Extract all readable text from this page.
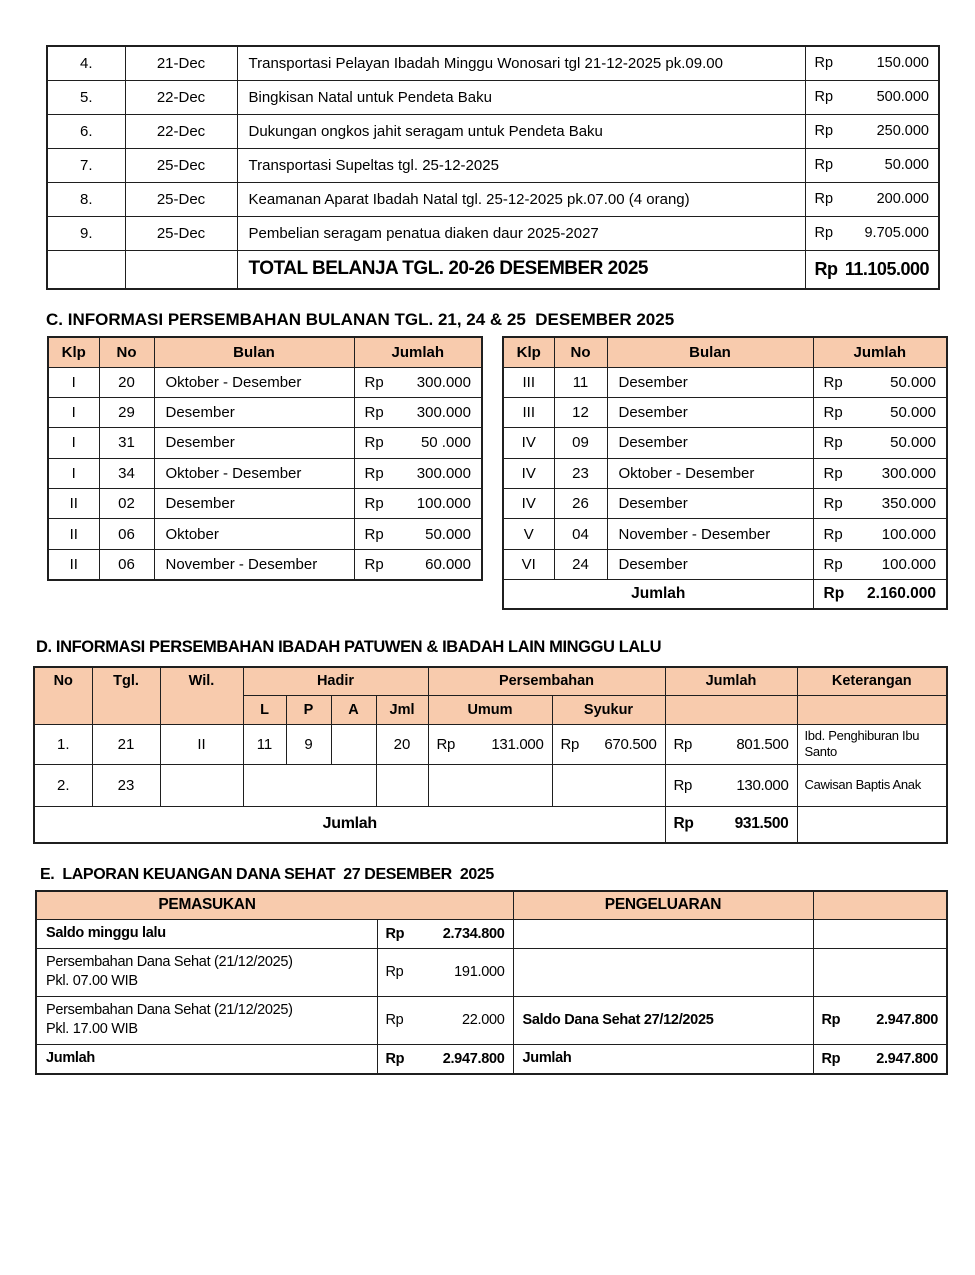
4.	21-Dec	Transportasi Pelayan Ibadah Minggu Wonosari tgl 21-12-2025 pk.09.00	Rp 150.000

5.	22-Dec	Bingkisan Natal untuk Pendeta Baku	Rp 500.000

6.	22-Dec	Dukungan ongkos jahit seragam untuk Pendeta Baku	Rp 250.000

7.	25-Dec	Transportasi Supeltas tgl. 25-12-2025	Rp 50.000

8.	25-Dec	Keamanan Aparat Ibadah Natal tgl. 25-12-2025 pk.07.00 (4 orang)	Rp 200.000

9.	25-Dec	Pembelian seragam penatua diaken daur 2025-2027	Rp 9.705.000

		TOTAL BELANJA TGL. 20-26 DESEMBER 2025	Rp 11.105.000
C. INFORMASI PERSEMBAHAN BULANAN TGL. 21, 24 & 25  DESEMBER 2025
Klp	No	Bulan	Jumlah
I	20	Oktober - Desember	Rp 300.000

I	29	Desember	Rp 300.000

I	31	Desember	Rp 50 .000

I	34	Oktober - Desember	Rp 300.000

II	02	Desember	Rp 100.000

II	06	Oktober	Rp 50.000

II	06	November - Desember	Rp 60.000
Klp	No	Bulan	Jumlah
III	11	Desember	Rp 50.000

III	12	Desember	Rp 50.000

IV	09	Desember	Rp 50.000

IV	23	Oktober - Desember	Rp 300.000

IV	26	Desember	Rp 350.000

V	04	November - Desember	Rp 100.000

VI	24	Desember	Rp 100.000

Jumlah			Rp 2.160.000
D. INFORMASI PERSEMBAHAN IBADAH PATUWEN & IBADAH LAIN MINGGU LALU
No	Tgl.	Wil.	Hadir				Persembahan		Jumlah	Keterangan
			L	P	A	Jml	Umum	Syukur		
1.	21	II	11	9		20	Rp 131.000	Rp 670.500	Rp 801.500	Ibd. Penghiburan Ibu Santo
2.	23								Rp 130.000	Cawisan Baptis Anak
Jumlah									Rp 931.500	

E.  LAPORAN KEUANGAN DANA SEHAT  27 DESEMBER  2025
PEMASUKAN		PENGELUARAN	
Saldo minggu lalu	Rp 2.734.800		

Persembahan Dana Sehat (21/12/2025)
Pkl. 07.00 WIB

Rp	191.000

Persembahan Dana Sehat (21/12/2025)
Pkl. 17.00 WIB

Rp	22.000	Saldo Dana Sehat 27/12/2025	Rp 2.947.800

Jumlah	Rp 2.947.800	Jumlah	Rp 2.947.800
